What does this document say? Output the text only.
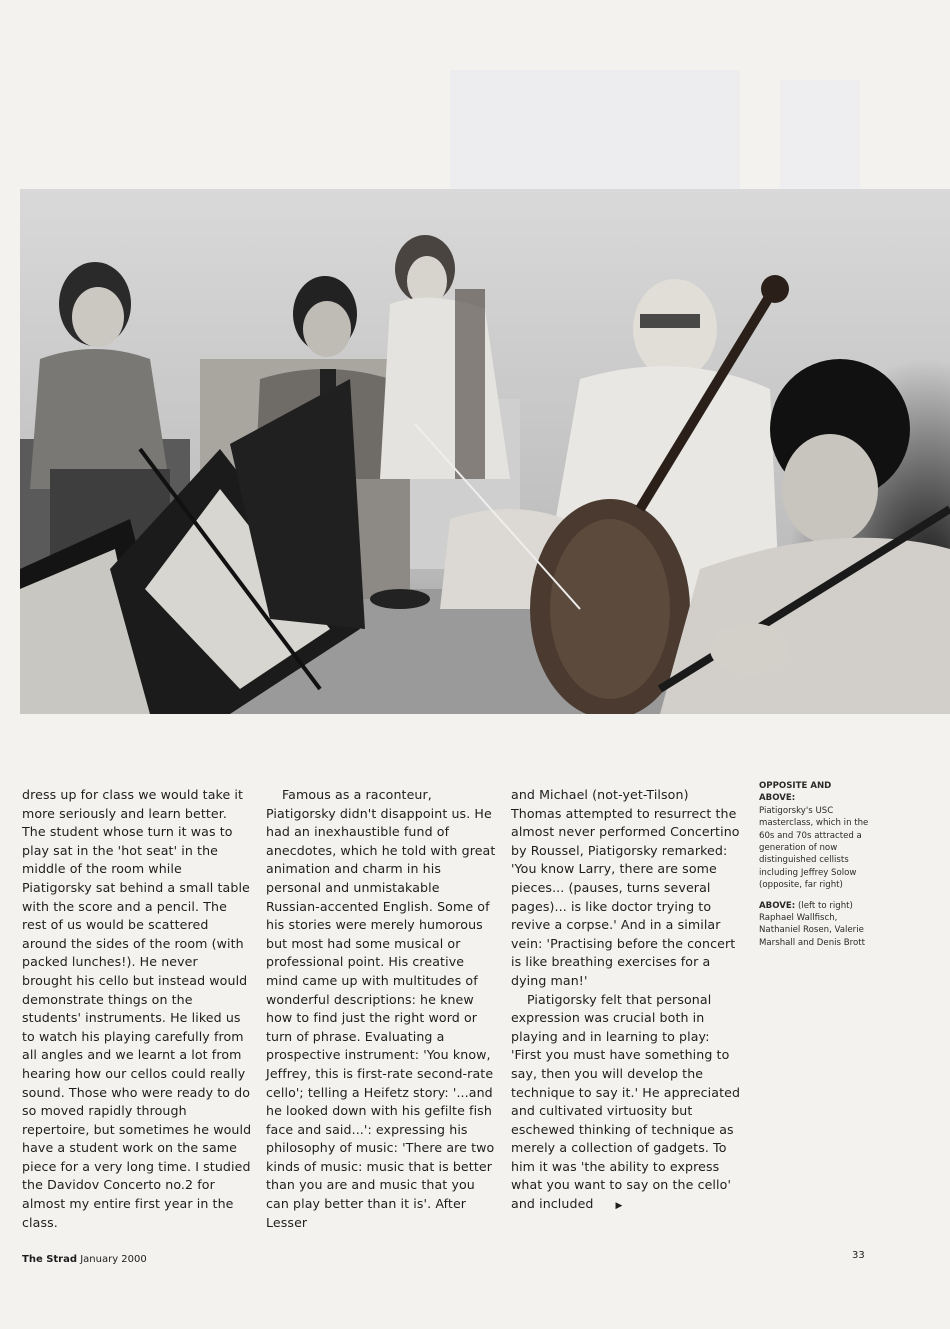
dress up for class we would take it more seriously and learn better. The student whose turn it was to play sat in the 'hot seat' in the middle of the room while Piatigorsky sat behind a small table with the score and a pencil. The rest of us would be scattered around the sides of the room (with packed lunches!). He never brought his cello but instead would demonstrate things on the students' instruments. He liked us to watch his playing carefully from all angles and we learnt a lot from hearing how our cellos could really sound. Those who were ready to do so moved rapidly through repertoire, but sometimes he would have a student work on the same piece for a very long time. I studied the Davidov Concerto no.2 for almost my entire first year in the class.

Famous as a raconteur, Piatigorsky didn't disappoint us. He had an inexhaustible fund of anecdotes, which he told with great animation and charm in his personal and unmistakable Russian-accented English. Some of his stories were merely humorous but most had some musical or professional point. His creative mind came up with multitudes of wonderful descriptions: he knew how to find just the right word or turn of phrase. Evaluating a prospective instrument: 'You know, Jeffrey, this is first-rate second-rate cello'; telling a Heifetz story: '...and he looked down with his gefilte fish face and said...': expressing his philosophy of music: 'There are two kinds of music: music that is better than you are and music that you can play better than it is'. After Lesser

and Michael (not-yet-Tilson) Thomas attempted to resurrect the almost never performed Concertino by Roussel, Piatigorsky remarked: 'You know Larry, there are some pieces... (pauses, turns several pages)... is like doctor trying to revive a corpse.' And in a similar vein: 'Practising before the concert is like breathing exercises for a dying man!'

Piatigorsky felt that personal expression was crucial both in playing and in learning to play: 'First you must have something to say, then you will develop the technique to say it.' He appreciated and cultivated virtuosity but eschewed thinking of technique as merely a collection of gadgets. To him it was 'the ability to express what you want to say on the cello' and included ▶

OPPOSITE AND ABOVE:
Piatigorsky's USC masterclass, which in the 60s and 70s attracted a generation of now distinguished cellists including Jeffrey Solow (opposite, far right)

ABOVE: (left to right) Raphael Wallfisch, Nathaniel Rosen, Valerie Marshall and Denis Brott

The Strad January 2000	33
